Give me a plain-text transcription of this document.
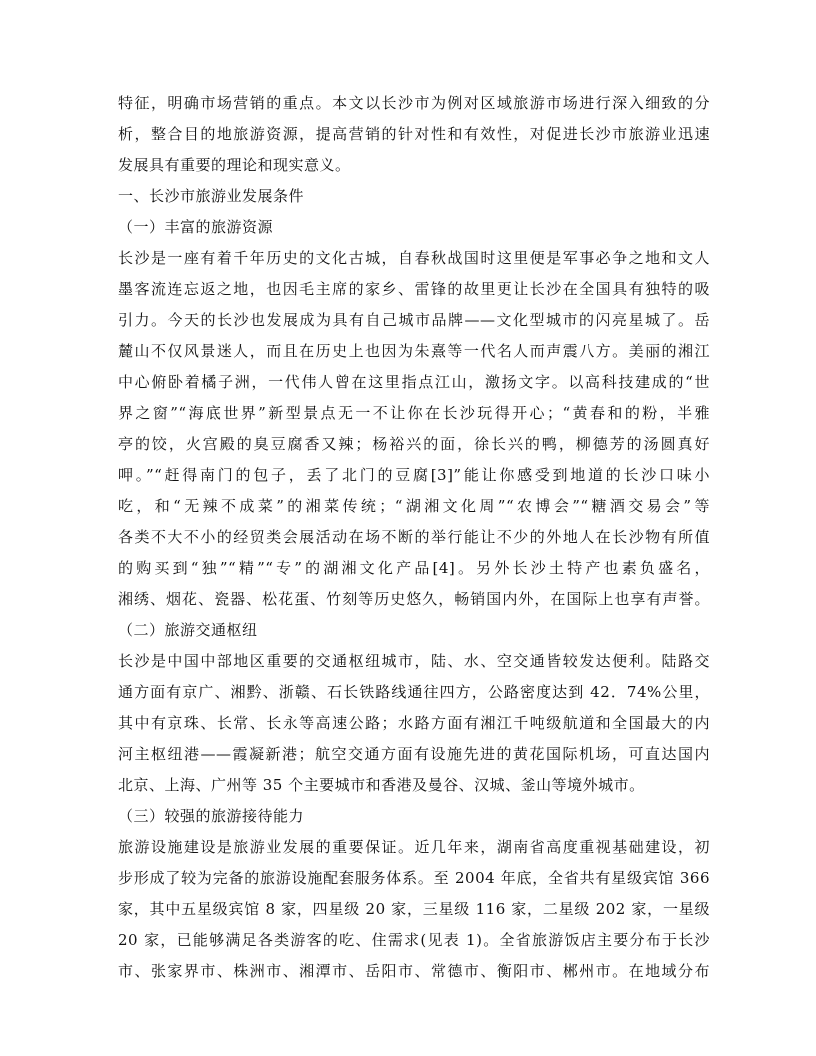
特征，明确市场营销的重点。本文以长沙市为例对区域旅游市场进行深入细致的分
析，整合目的地旅游资源，提高营销的针对性和有效性，对促进长沙市旅游业迅速
发展具有重要的理论和现实意义。
一、长沙市旅游业发展条件
（一）丰富的旅游资源
长沙是一座有着千年历史的文化古城，自春秋战国时这里便是军事必争之地和文人
墨客流连忘返之地，也因毛主席的家乡、雷锋的故里更让长沙在全国具有独特的吸
引力。今天的长沙也发展成为具有自己城市品牌——文化型城市的闪亮星城了。岳
麓山不仅风景迷人，而且在历史上也因为朱熹等一代名人而声震八方。美丽的湘江
中心俯卧着橘子洲，一代伟人曾在这里指点江山，激扬文字。以高科技建成的“世
界之窗”“海底世界”新型景点无一不让你在长沙玩得开心；“黄春和的粉，半雅
亭的饺，火宫殿的臭豆腐香又辣；杨裕兴的面，徐长兴的鸭，柳德芳的汤圆真好
呷。”“赶得南门的包子，丢了北门的豆腐[3]”能让你感受到地道的长沙口味小
吃，和“无辣不成菜”的湘菜传统；“湖湘文化周”“农博会”“糖酒交易会”等
各类不大不小的经贸类会展活动在场不断的举行能让不少的外地人在长沙物有所值
的购买到“独”“精”“专”的湖湘文化产品[4]。另外长沙土特产也素负盛名，
湘绣、烟花、瓷器、松花蛋、竹刻等历史悠久，畅销国内外，在国际上也享有声誉。
（二）旅游交通枢纽
长沙是中国中部地区重要的交通枢纽城市，陆、水、空交通皆较发达便利。陆路交
通方面有京广、湘黔、浙赣、石长铁路线通往四方，公路密度达到 42．74%公里，
其中有京珠、长常、长永等高速公路；水路方面有湘江千吨级航道和全国最大的内
河主枢纽港——霞凝新港；航空交通方面有设施先进的黄花国际机场，可直达国内
北京、上海、广州等 35 个主要城市和香港及曼谷、汉城、釜山等境外城市。
（三）较强的旅游接待能力
旅游设施建设是旅游业发展的重要保证。近几年来，湖南省高度重视基础建设，初
步形成了较为完备的旅游设施配套服务体系。至 2004 年底，全省共有星级宾馆 366
家，其中五星级宾馆 8 家，四星级 20 家，三星级 116 家，二星级 202 家，一星级
20 家，已能够满足各类游客的吃、住需求(见表 1)。全省旅游饭店主要分布于长沙
市、张家界市、株洲市、湘潭市、岳阳市、常德市、衡阳市、郴州市。在地域分布
